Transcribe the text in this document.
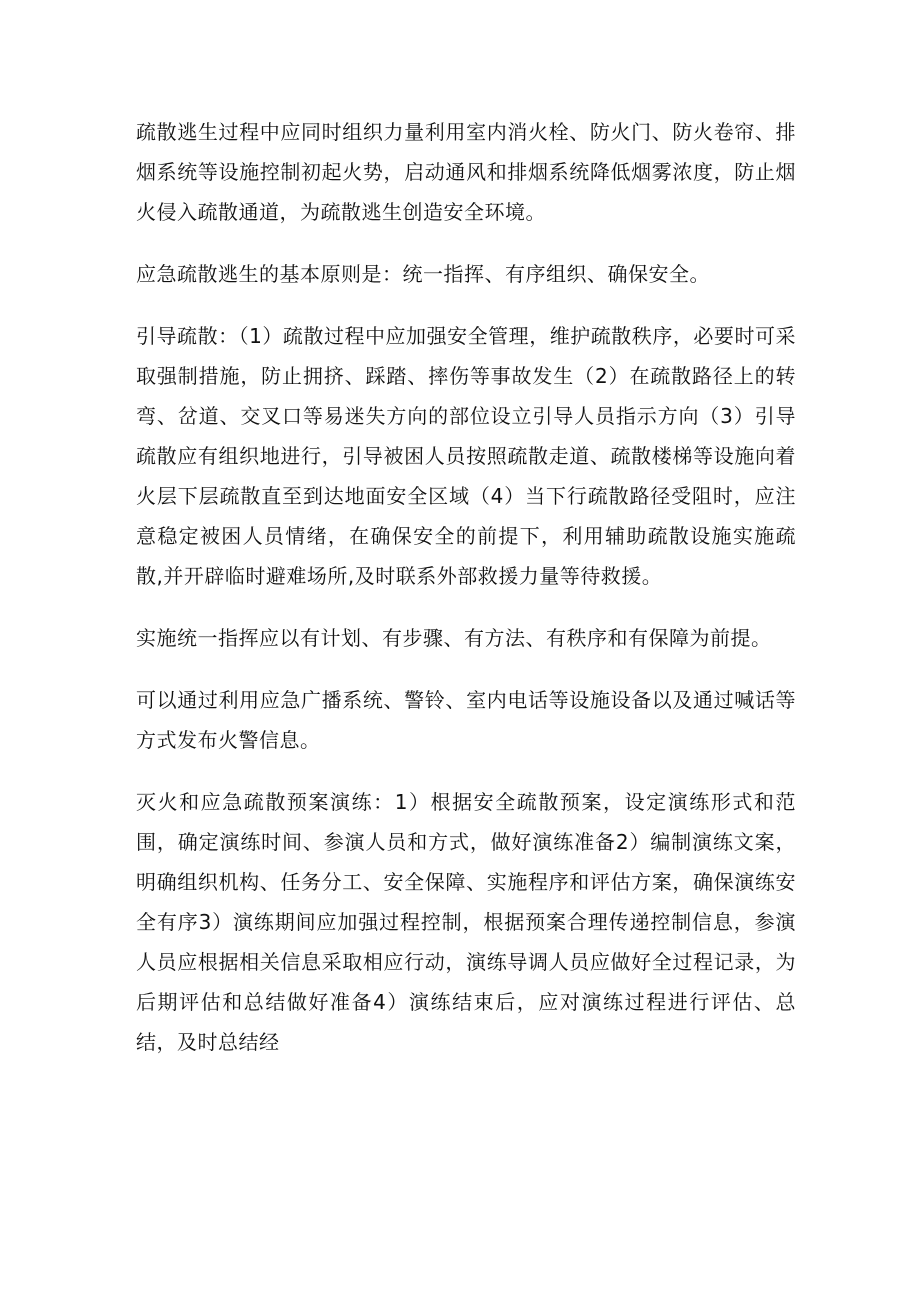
疏散逃生过程中应同时组织力量利用室内消火栓、防火门、防火卷帘、排烟系统等设施控制初起火势，启动通风和排烟系统降低烟雾浓度，防止烟火侵入疏散通道，为疏散逃生创造安全环境。

应急疏散逃生的基本原则是：统一指挥、有序组织、确保安全。

引导疏散：（1）疏散过程中应加强安全管理，维护疏散秩序，必要时可采取强制措施，防止拥挤、踩踏、摔伤等事故发生（2）在疏散路径上的转弯、岔道、交叉口等易迷失方向的部位设立引导人员指示方向（3）引导疏散应有组织地进行，引导被困人员按照疏散走道、疏散楼梯等设施向着火层下层疏散直至到达地面安全区域（4）当下行疏散路径受阻时，应注意稳定被困人员情绪，在确保安全的前提下，利用辅助疏散设施实施疏散,并开辟临时避难场所,及时联系外部救援力量等待救援。

实施统一指挥应以有计划、有步骤、有方法、有秩序和有保障为前提。

可以通过利用应急广播系统、警铃、室内电话等设施设备以及通过喊话等方式发布火警信息。

灭火和应急疏散预案演练：1）根据安全疏散预案，设定演练形式和范围，确定演练时间、参演人员和方式，做好演练准备2）编制演练文案，明确组织机构、任务分工、安全保障、实施程序和评估方案，确保演练安全有序3）演练期间应加强过程控制，根据预案合理传递控制信息，参演人员应根据相关信息采取相应行动，演练导调人员应做好全过程记录，为后期评估和总结做好准备4）演练结束后，应对演练过程进行评估、总结，及时总结经
